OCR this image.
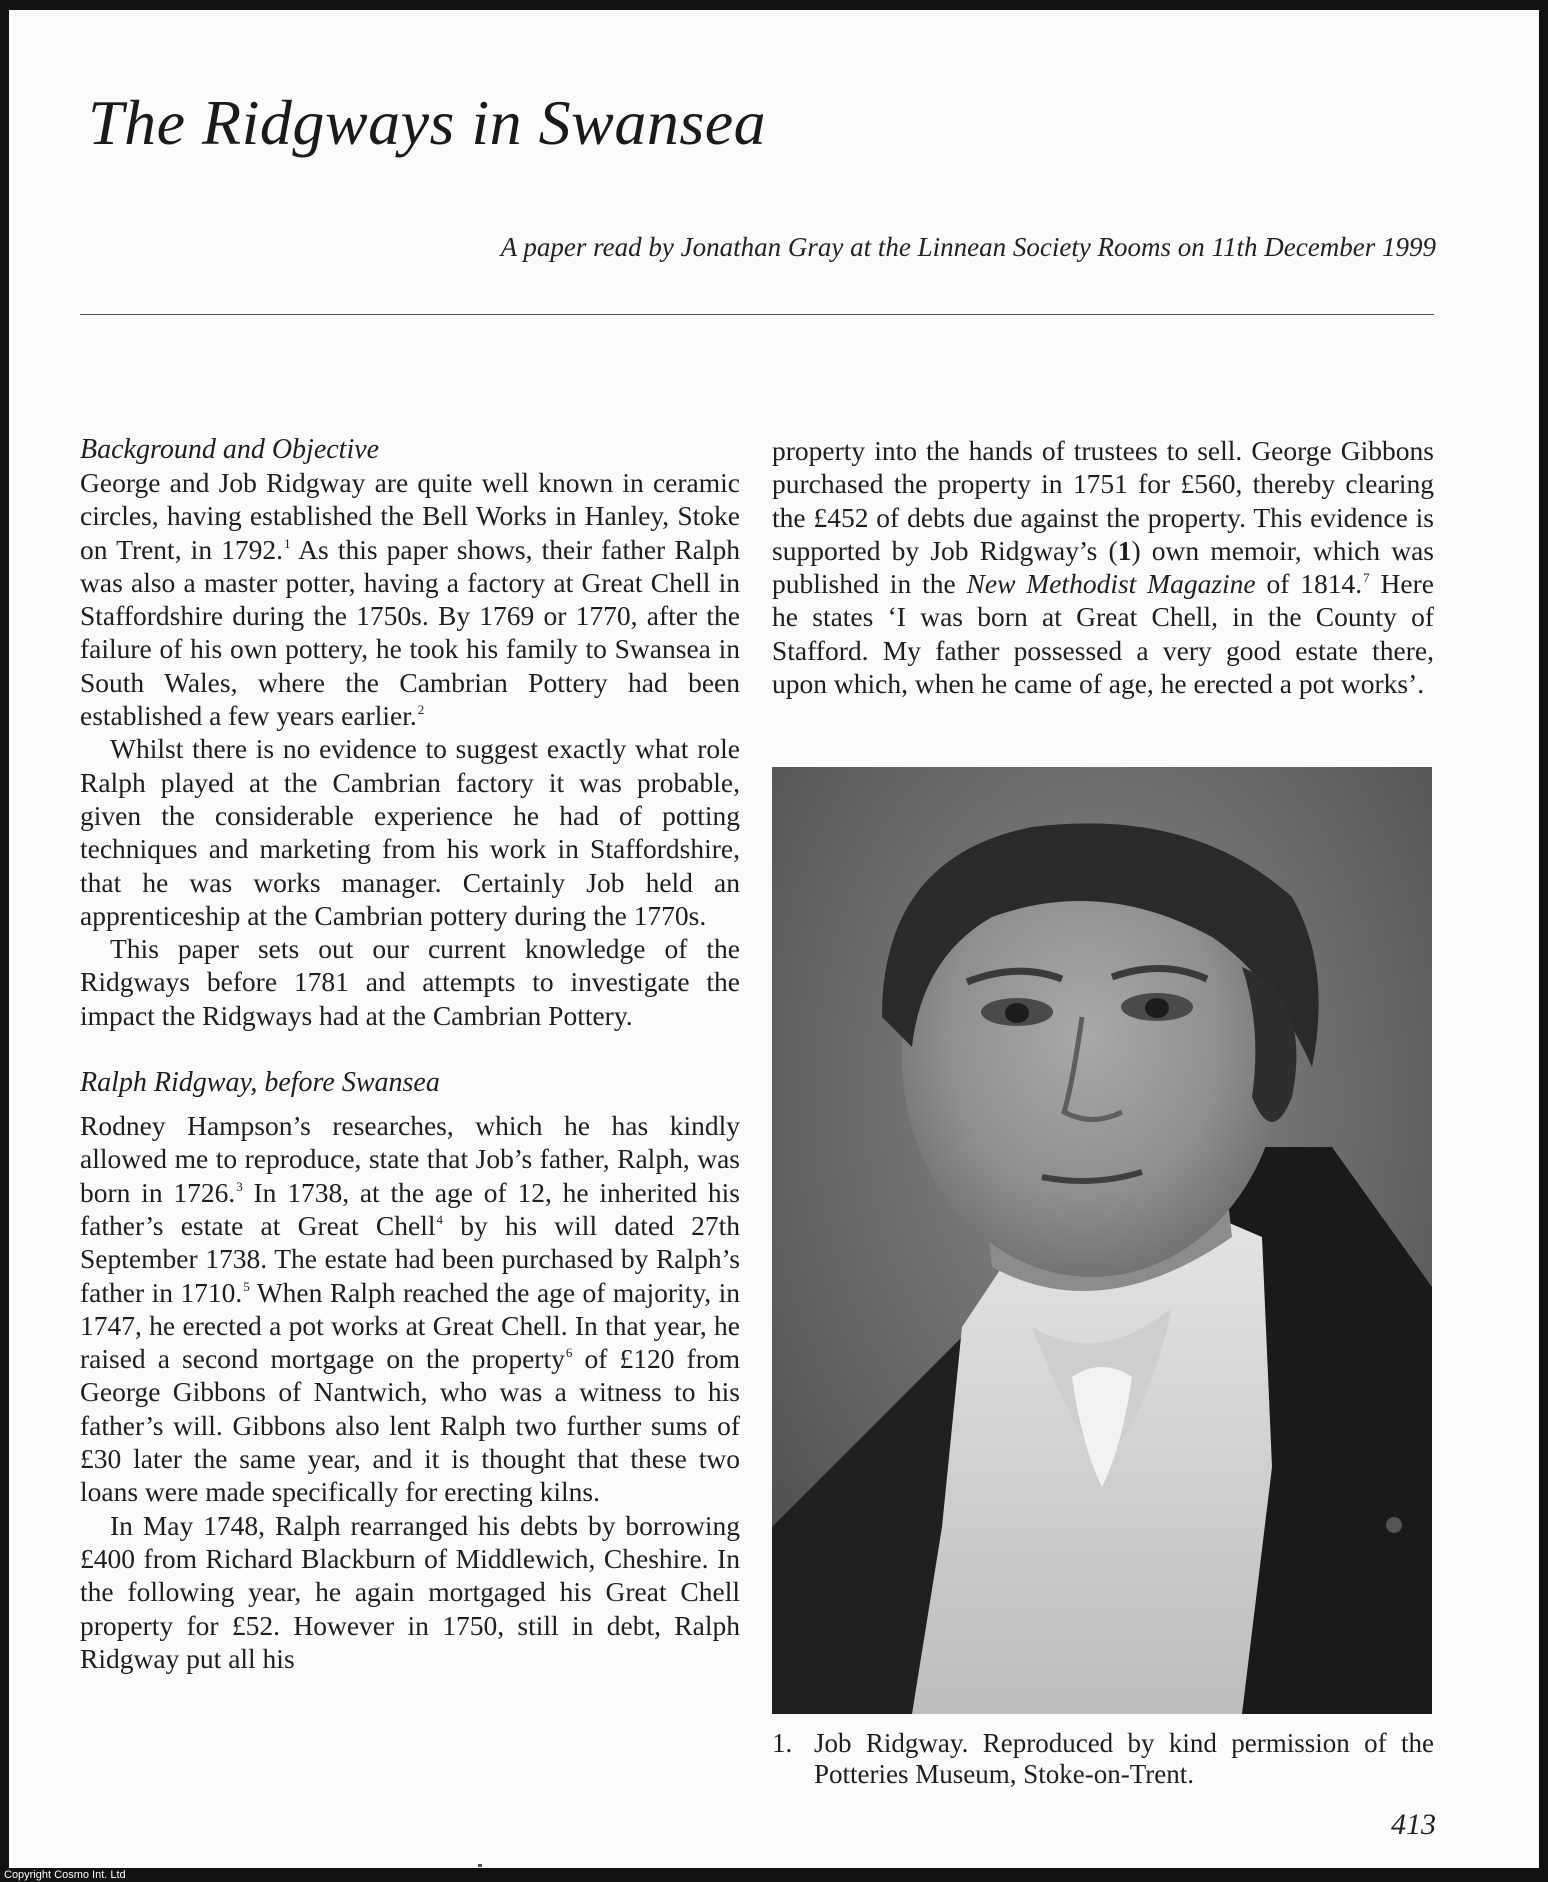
The Ridgways in Swansea
A paper read by Jonathan Gray at the Linnean Society Rooms on 11th December 1999
Background and Objective

George and Job Ridgway are quite well known in ceramic circles, having established the Bell Works in Hanley, Stoke on Trent, in 1792.$^1$ As this paper shows, their father Ralph was also a master potter, having a factory at Great Chell in Staffordshire during the 1750s. By 1769 or 1770, after the failure of his own pottery, he took his family to Swansea in South Wales, where the Cambrian Pottery had been established a few years earlier.$^2$

Whilst there is no evidence to suggest exactly what role Ralph played at the Cambrian factory it was probable, given the considerable experience he had of potting techniques and marketing from his work in Staffordshire, that he was works manager. Certainly Job held an apprenticeship at the Cambrian pottery during the 1770s.

This paper sets out our current knowledge of the Ridgways before 1781 and attempts to investigate the impact the Ridgways had at the Cambrian Pottery.

Ralph Ridgway, before Swansea

Rodney Hampson’s researches, which he has kindly allowed me to reproduce, state that Job’s father, Ralph, was born in 1726.$^3$ In 1738, at the age of 12, he inherited his father’s estate at Great Chell$^4$ by his will dated 27th September 1738. The estate had been purchased by Ralph’s father in 1710.$^5$ When Ralph reached the age of majority, in 1747, he erected a pot works at Great Chell. In that year, he raised a second mortgage on the property$^6$ of £120 from George Gibbons of Nantwich, who was a witness to his father’s will. Gibbons also lent Ralph two further sums of £30 later the same year, and it is thought that these two loans were made specifically for erecting kilns.

In May 1748, Ralph rearranged his debts by borrowing £400 from Richard Blackburn of Middlewich, Cheshire. In the following year, he again mortgaged his Great Chell property for £52. However in 1750, still in debt, Ralph Ridgway put all his

property into the hands of trustees to sell. George Gibbons purchased the property in 1751 for £560, thereby clearing the £452 of debts due against the property. This evidence is supported by Job Ridgway’s (1) own memoir, which was published in the New Methodist Magazine of 1814.$^7$ Here he states ‘I was born at Great Chell, in the County of Stafford. My father possessed a very good estate there, upon which, when he came of age, he erected a pot works’.

1. Job Ridgway. Reproduced by kind permission of the Potteries Museum, Stoke-on-Trent.
413
Copyright Cosmo Int. Ltd
